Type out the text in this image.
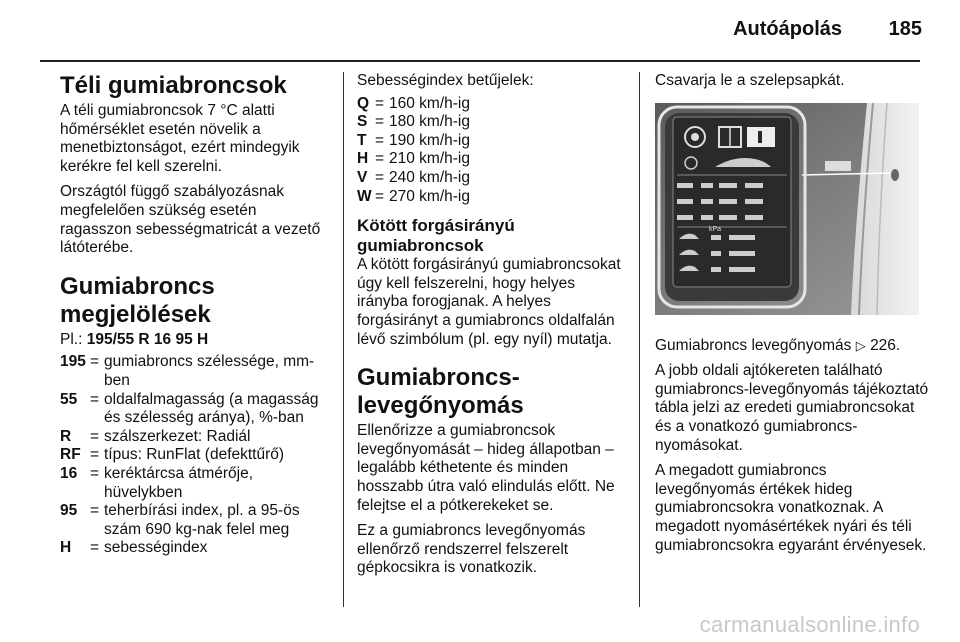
Autóápolás 185
Téli gumiabroncsok

A téli gumiabroncsok 7 °C alatti hőmérséklet esetén növelik a menetbiztonságot, ezért mindegyik kerékre fel kell szerelni.

Országtól függő szabályozásnak megfelelően szükség esetén ragasszon sebességmatricát a vezető látóterébe.

Gumiabroncs megjelölések

Pl.: 195/55 R 16 95 H

195 = gumiabroncs szélessége, mm-ben
55 = oldalfalmagasság (a magasság és szélesség aránya), %-ban
R	= szálszerkezet: Radiál
RF = típus: RunFlat (defekttűrő)
16 = keréktárcsa átmérője, hüvelykben
95 = teherbírási index, pl. a 95-ös szám 690 kg-nak felel meg
H	= sebességindex

Sebességindex betűjelek:

Q = 160 km/h-ig
S = 180 km/h-ig
T = 190 km/h-ig
H = 210 km/h-ig
V = 240 km/h-ig
W = 270 km/h-ig
Kötött forgásirányú gumiabroncsok

A kötött forgásirányú gumiabroncsokat úgy kell felszerelni, hogy helyes irányba forogjanak. A helyes forgásirányt a gumiabroncs oldalfalán lévő szimbólum (pl. egy nyíl) mutatja.

Gumiabroncs-levegőnyomás

Ellenőrizze a gumiabroncsok levegőnyomását – hideg állapotban – legalább kéthetente és minden hosszabb útra való elindulás előtt. Ne felejtse el a pótkerekeket se.

Ez a gumiabroncs levegőnyomás ellenőrző rendszerrel felszerelt gépkocsikra is vonatkozik.

Csavarja le a szelepsapkát.

kPa

Gumiabroncs levegőnyomás ▷ 226.

A jobb oldali ajtókereten található gumiabroncs-levegőnyomás tájékoztató tábla jelzi az eredeti gumiabroncsokat és a vonatkozó gumiabroncs-nyomásokat.

A megadott gumiabroncs levegőnyomás értékek hideg gumiabroncsokra vonatkoznak. A megadott nyomásértékek nyári és téli gumiabroncsokra egyaránt érvényesek.

carmanualsonline.info
